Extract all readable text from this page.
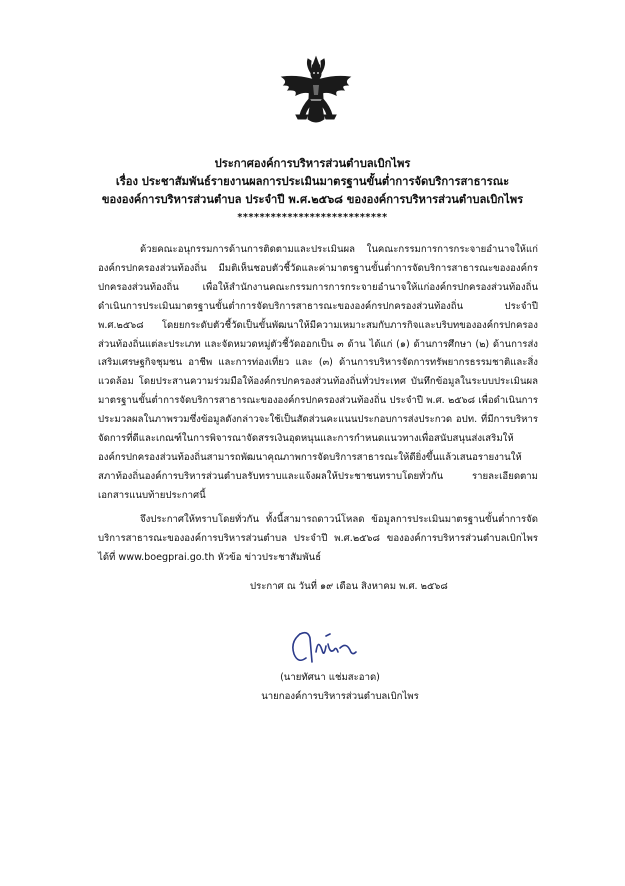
ประกาศองค์การบริหารส่วนตำบลเบิกไพร
เรื่อง ประชาสัมพันธ์รายงานผลการประเมินมาตรฐานขั้นต่ำการจัดบริการสาธารณะ
ขององค์การบริหารส่วนตำบล ประจำปี พ.ศ.๒๕๖๘ ขององค์การบริหารส่วนตำบลเบิกไพร
***************************

ด้วยคณะอนุกรรมการด้านการติดตามและประเมินผล ในคณะกรรมการการกระจายอำนาจให้แก่องค์กรปกครองส่วนท้องถิ่น มีมติเห็นชอบตัวชี้วัดและค่ามาตรฐานขั้นต่ำการจัดบริการสาธารณะขององค์กรปกครองส่วนท้องถิ่น เพื่อให้สำนักงานคณะกรรมการการกระจายอำนาจให้แก่องค์กรปกครองส่วนท้องถิ่นดำเนินการประเมินมาตรฐานขั้นต่ำการจัดบริการสาธารณะขององค์กรปกครองส่วนท้องถิ่น ประจำปี พ.ศ.๒๕๖๘ โดยยกระดับตัวชี้วัดเป็นขั้นพัฒนาให้มีความเหมาะสมกับภารกิจและบริบทขององค์กรปกครองส่วนท้องถิ่นแต่ละประเภท และจัดหมวดหมู่ตัวชี้วัดออกเป็น ๓ ด้าน ได้แก่ (๑) ด้านการศึกษา (๒) ด้านการส่งเสริมเศรษฐกิจชุมชน อาชีพ และการท่องเที่ยว และ (๓) ด้านการบริหารจัดการทรัพยากรธรรมชาติและสิ่งแวดล้อม โดยประสานความร่วมมือให้องค์กรปกครองส่วนท้องถิ่นทั่วประเทศ บันทึกข้อมูลในระบบประเมินผลมาตรฐานขั้นต่ำการจัดบริการสาธารณะขององค์กรปกครองส่วนท้องถิ่น ประจำปี พ.ศ. ๒๕๖๘ เพื่อดำเนินการประมวลผลในภาพรวมซึ่งข้อมูลดังกล่าวจะใช้เป็นสัดส่วนคะแนนประกอบการส่งประกวด อปท. ที่มีการบริหารจัดการที่ดีและเกณฑ์ในการพิจารณาจัดสรรเงินอุดหนุนและการกำหนดแนวทางเพื่อสนับสนุนส่งเสริมให้องค์กรปกครองส่วนท้องถิ่นสามารถพัฒนาคุณภาพการจัดบริการสาธารณะให้ดียิ่งขึ้นแล้วเสนอรายงานให้สภาท้องถิ่นองค์การบริหารส่วนตำบลรับทราบและแจ้งผลให้ประชาชนทราบโดยทั่วกัน รายละเอียดตามเอกสารแนบท้ายประกาศนี้

จึงประกาศให้ทราบโดยทั่วกัน ทั้งนี้สามารถดาวน์โหลด ข้อมูลการประเมินมาตรฐานขั้นต่ำการจัดบริการสาธารณะขององค์การบริหารส่วนตำบล ประจำปี พ.ศ.๒๕๖๘ ขององค์การบริหารส่วนตำบลเบิกไพร ได้ที่ www.boegprai.go.th หัวข้อ ข่าวประชาสัมพันธ์

ประกาศ ณ วันที่ ๑๙ เดือน สิงหาคม พ.ศ. ๒๕๖๘
(นายทัศนา แช่มสะอาด)
นายกองค์การบริหารส่วนตำบลเบิกไพร
